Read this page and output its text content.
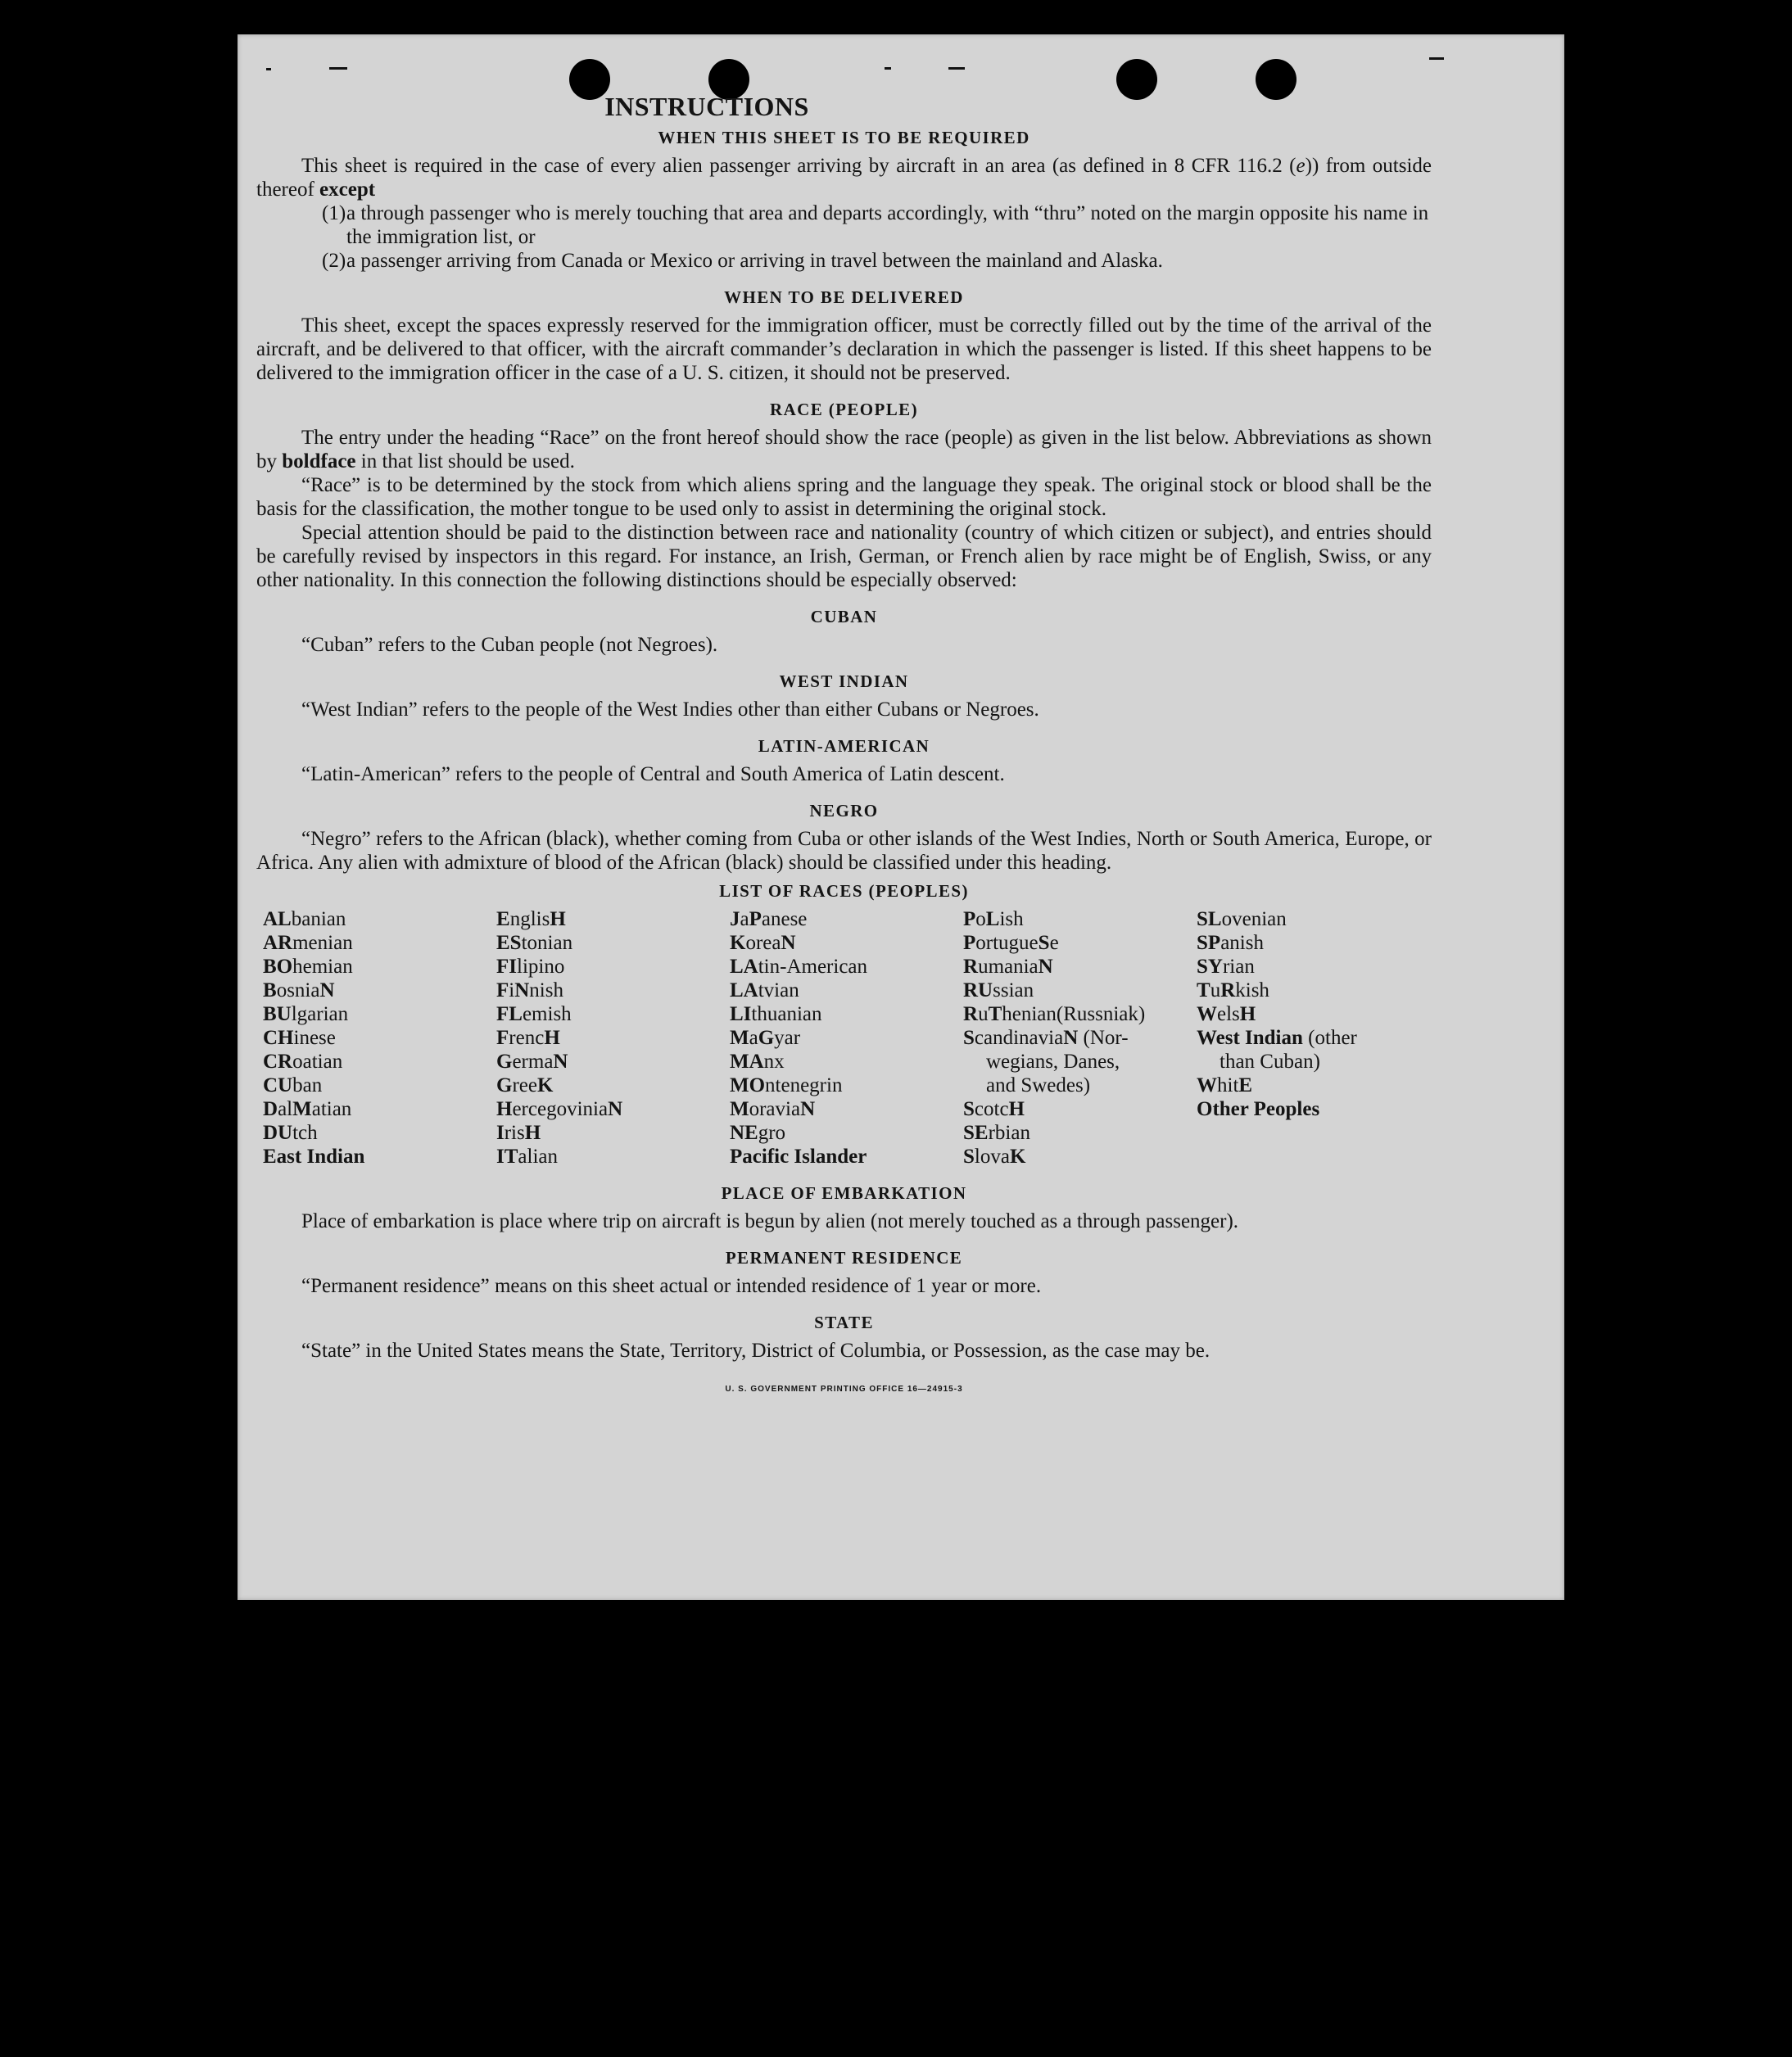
INSTRUCTIONS
WHEN THIS SHEET IS TO BE REQUIRED

This sheet is required in the case of every alien passenger arriving by aircraft in an area (as defined in 8 CFR 116.2 (e)) from outside thereof except

(1)a through passenger who is merely touching that area and departs accordingly, with “thru” noted on the margin opposite his name in the immigration list, or
(2)a passenger arriving from Canada or Mexico or arriving in travel between the mainland and Alaska.
WHEN TO BE DELIVERED

This sheet, except the spaces expressly reserved for the immigration officer, must be correctly filled out by the time of the arrival of the aircraft, and be delivered to that officer, with the aircraft commander’s declaration in which the passenger is listed. If this sheet happens to be delivered to the immigration officer in the case of a U. S. citizen, it should not be preserved.

RACE (PEOPLE)

The entry under the heading “Race” on the front hereof should show the race (people) as given in the list below. Abbreviations as shown by boldface in that list should be used.

“Race” is to be determined by the stock from which aliens spring and the language they speak. The original stock or blood shall be the basis for the classification, the mother tongue to be used only to assist in determining the original stock.

Special attention should be paid to the distinction between race and nationality (country of which citizen or subject), and entries should be carefully revised by inspectors in this regard. For instance, an Irish, German, or French alien by race might be of English, Swiss, or any other nationality. In this connection the following distinctions should be especially observed:

CUBAN

“Cuban” refers to the Cuban people (not Negroes).

WEST INDIAN

“West Indian” refers to the people of the West Indies other than either Cubans or Negroes.

LATIN-AMERICAN

“Latin-American” refers to the people of Central and South America of Latin descent.

NEGRO

“Negro” refers to the African (black), whether coming from Cuba or other islands of the West Indies, North or South America, Europe, or Africa. Any alien with admixture of blood of the African (black) should be classified under this heading.

LIST OF RACES (PEOPLES)
ALbanian
ARmenian
BOhemian
BosniaN
BUlgarian
CHinese
CRoatian
CUban
DalMatian
DUtch
East Indian
EnglisH
EStonian
FIlipino
FiNnish
FLemish
FrencH
GermaN
GreeK
HercegoviniaN
IrisH
ITalian
JaPanese
KoreaN
LAtin-American
LAtvian
LIthuanian
MaGyar
MAnx
MOntenegrin
MoraviaN
NEgro
Pacific Islander
PoLish
PortugueSe
RumaniaN
RUssian
RuThenian(Russniak)
ScandinaviaN (Nor-
wegians, Danes,
and Swedes)
ScotcH
SErbian
SlovaK
SLovenian
SPanish
SYrian
TuRkish
WelsH
West Indian (other
than Cuban)
WhitE
Other Peoples
PLACE OF EMBARKATION

Place of embarkation is place where trip on aircraft is begun by alien (not merely touched as a through passenger).

PERMANENT RESIDENCE

“Permanent residence” means on this sheet actual or intended residence of 1 year or more.

STATE

“State” in the United States means the State, Territory, District of Columbia, or Possession, as the case may be.

U. S. GOVERNMENT PRINTING OFFICE 16—24915-3
